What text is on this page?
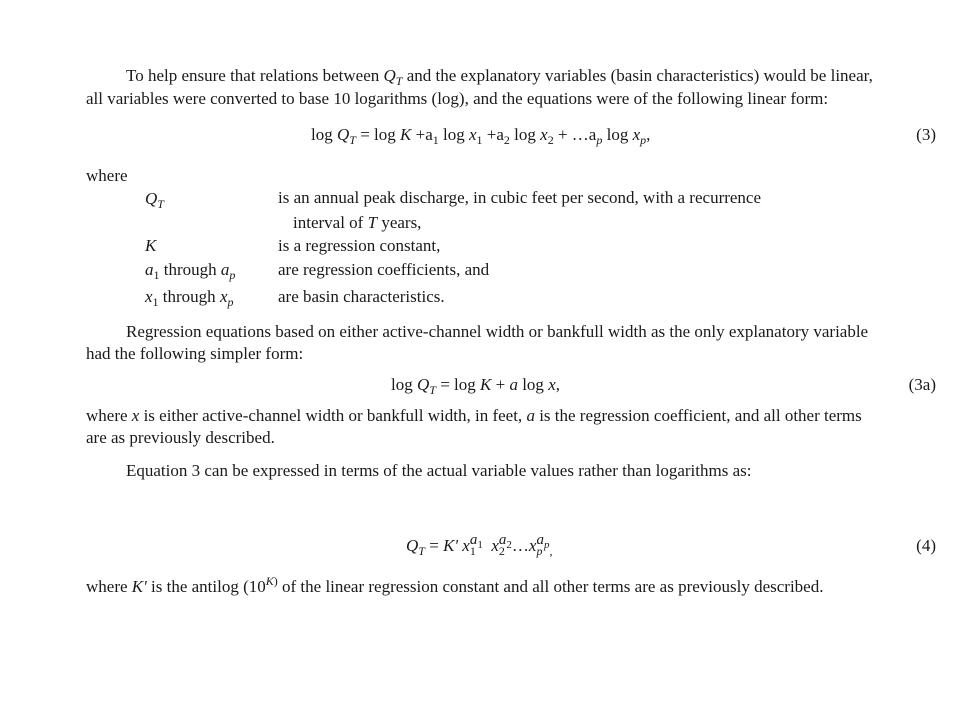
To help ensure that relations between $Q_T$ and the explanatory variables (basin characteristics) would be linear,
all variables were converted to base 10 logarithms (log), and the equations were of the following linear form:
$\log Q_T = \log K +a_1$ $\log x_1 +a_2$ $\log x_2$ + $\dots a_p$ $\log x_p$,	(3)
where
$Q_T$	is an annual peak discharge, in cubic feet per second, with a recurrence
interval of T years,
K	is a regression constant,
$a_1$ through $a_p$	are regression coefficients, and
$x_1$ through $x_p$	are basin characteristics.
Regression equations based on either active-channel width or bankfull width as the only explanatory variable
had the following simpler form:
$\log Q_T = \log K + a$ log x,	(3a)
where x is either active-channel width or bankfull width, in feet, a is the regression coefficient, and all other terms
are as previously described.
Equation 3 can be expressed in terms of the actual variable values rather than logarithms as:
$Q_T = K'$ $x_1^{a_1}$ $x_2^{a_2}\dots x_p^{a_p}_,$	(4)
where K' is the antilog ($10^{K)}$ of the linear regression constant and all other terms are as previously described.
